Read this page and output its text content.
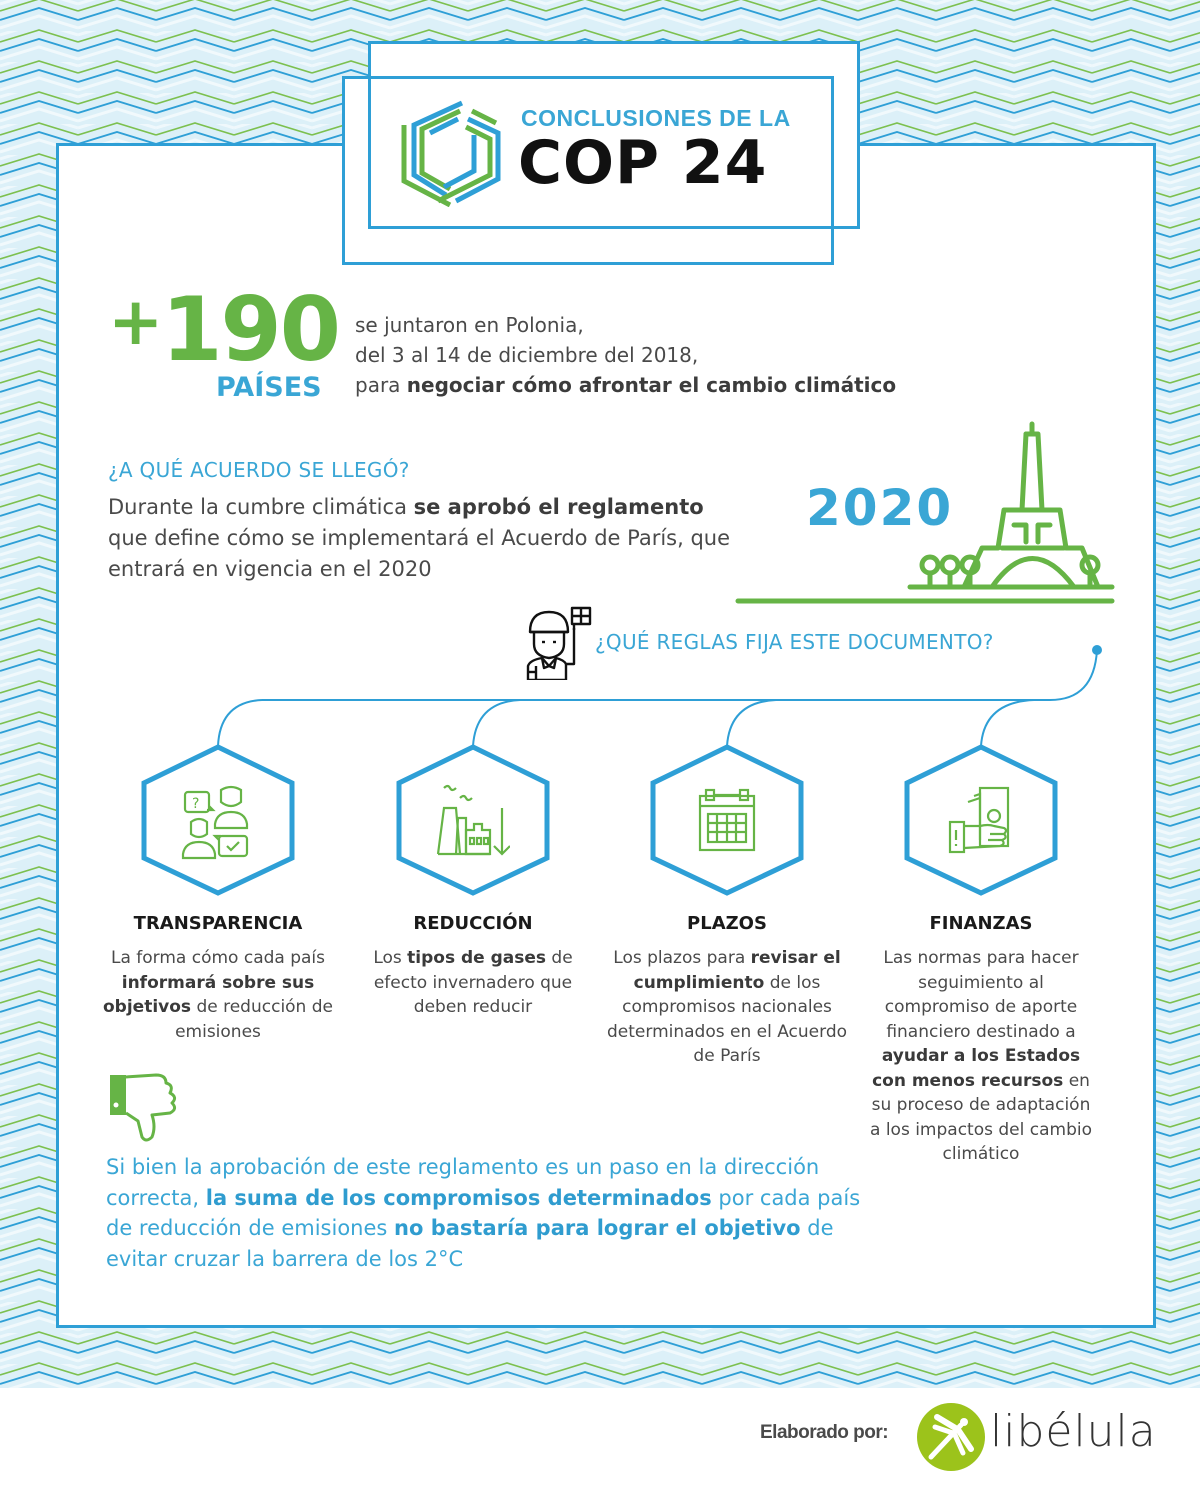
CONCLUSIONES DE LA
COP 24
+190
PAÍSES
se juntaron en Polonia,
del 3 al 14 de diciembre del 2018,
para negociar cómo afrontar el cambio climático
¿A QUÉ ACUERDO SE LLEGÓ?
Durante la cumbre climática se aprobó el reglamento que define cómo se implementará el Acuerdo de París, que entrará en vigencia en el 2020
2020
¿QUÉ REGLAS FIJA ESTE DOCUMENTO?
?
TRANSPARENCIA
La forma cómo cada país informará sobre sus objetivos de reducción de emisiones
REDUCCIÓN
Los tipos de gases de efecto invernadero que deben reducir
PLAZOS
Los plazos para revisar el cumplimiento de los compromisos nacionales determinados en el Acuerdo de París
FINANZAS
Las normas para hacer seguimiento al compromiso de aporte financiero destinado a ayudar a los Estados con menos recursos en su proceso de adaptación a los impactos del cambio climático
Si bien la aprobación de este reglamento es un paso en la dirección correcta, la suma de los compromisos determinados por cada país de reducción de emisiones no bastaría para lograr el objetivo de evitar cruzar la barrera de los 2°C
Elaborado por: libélula
